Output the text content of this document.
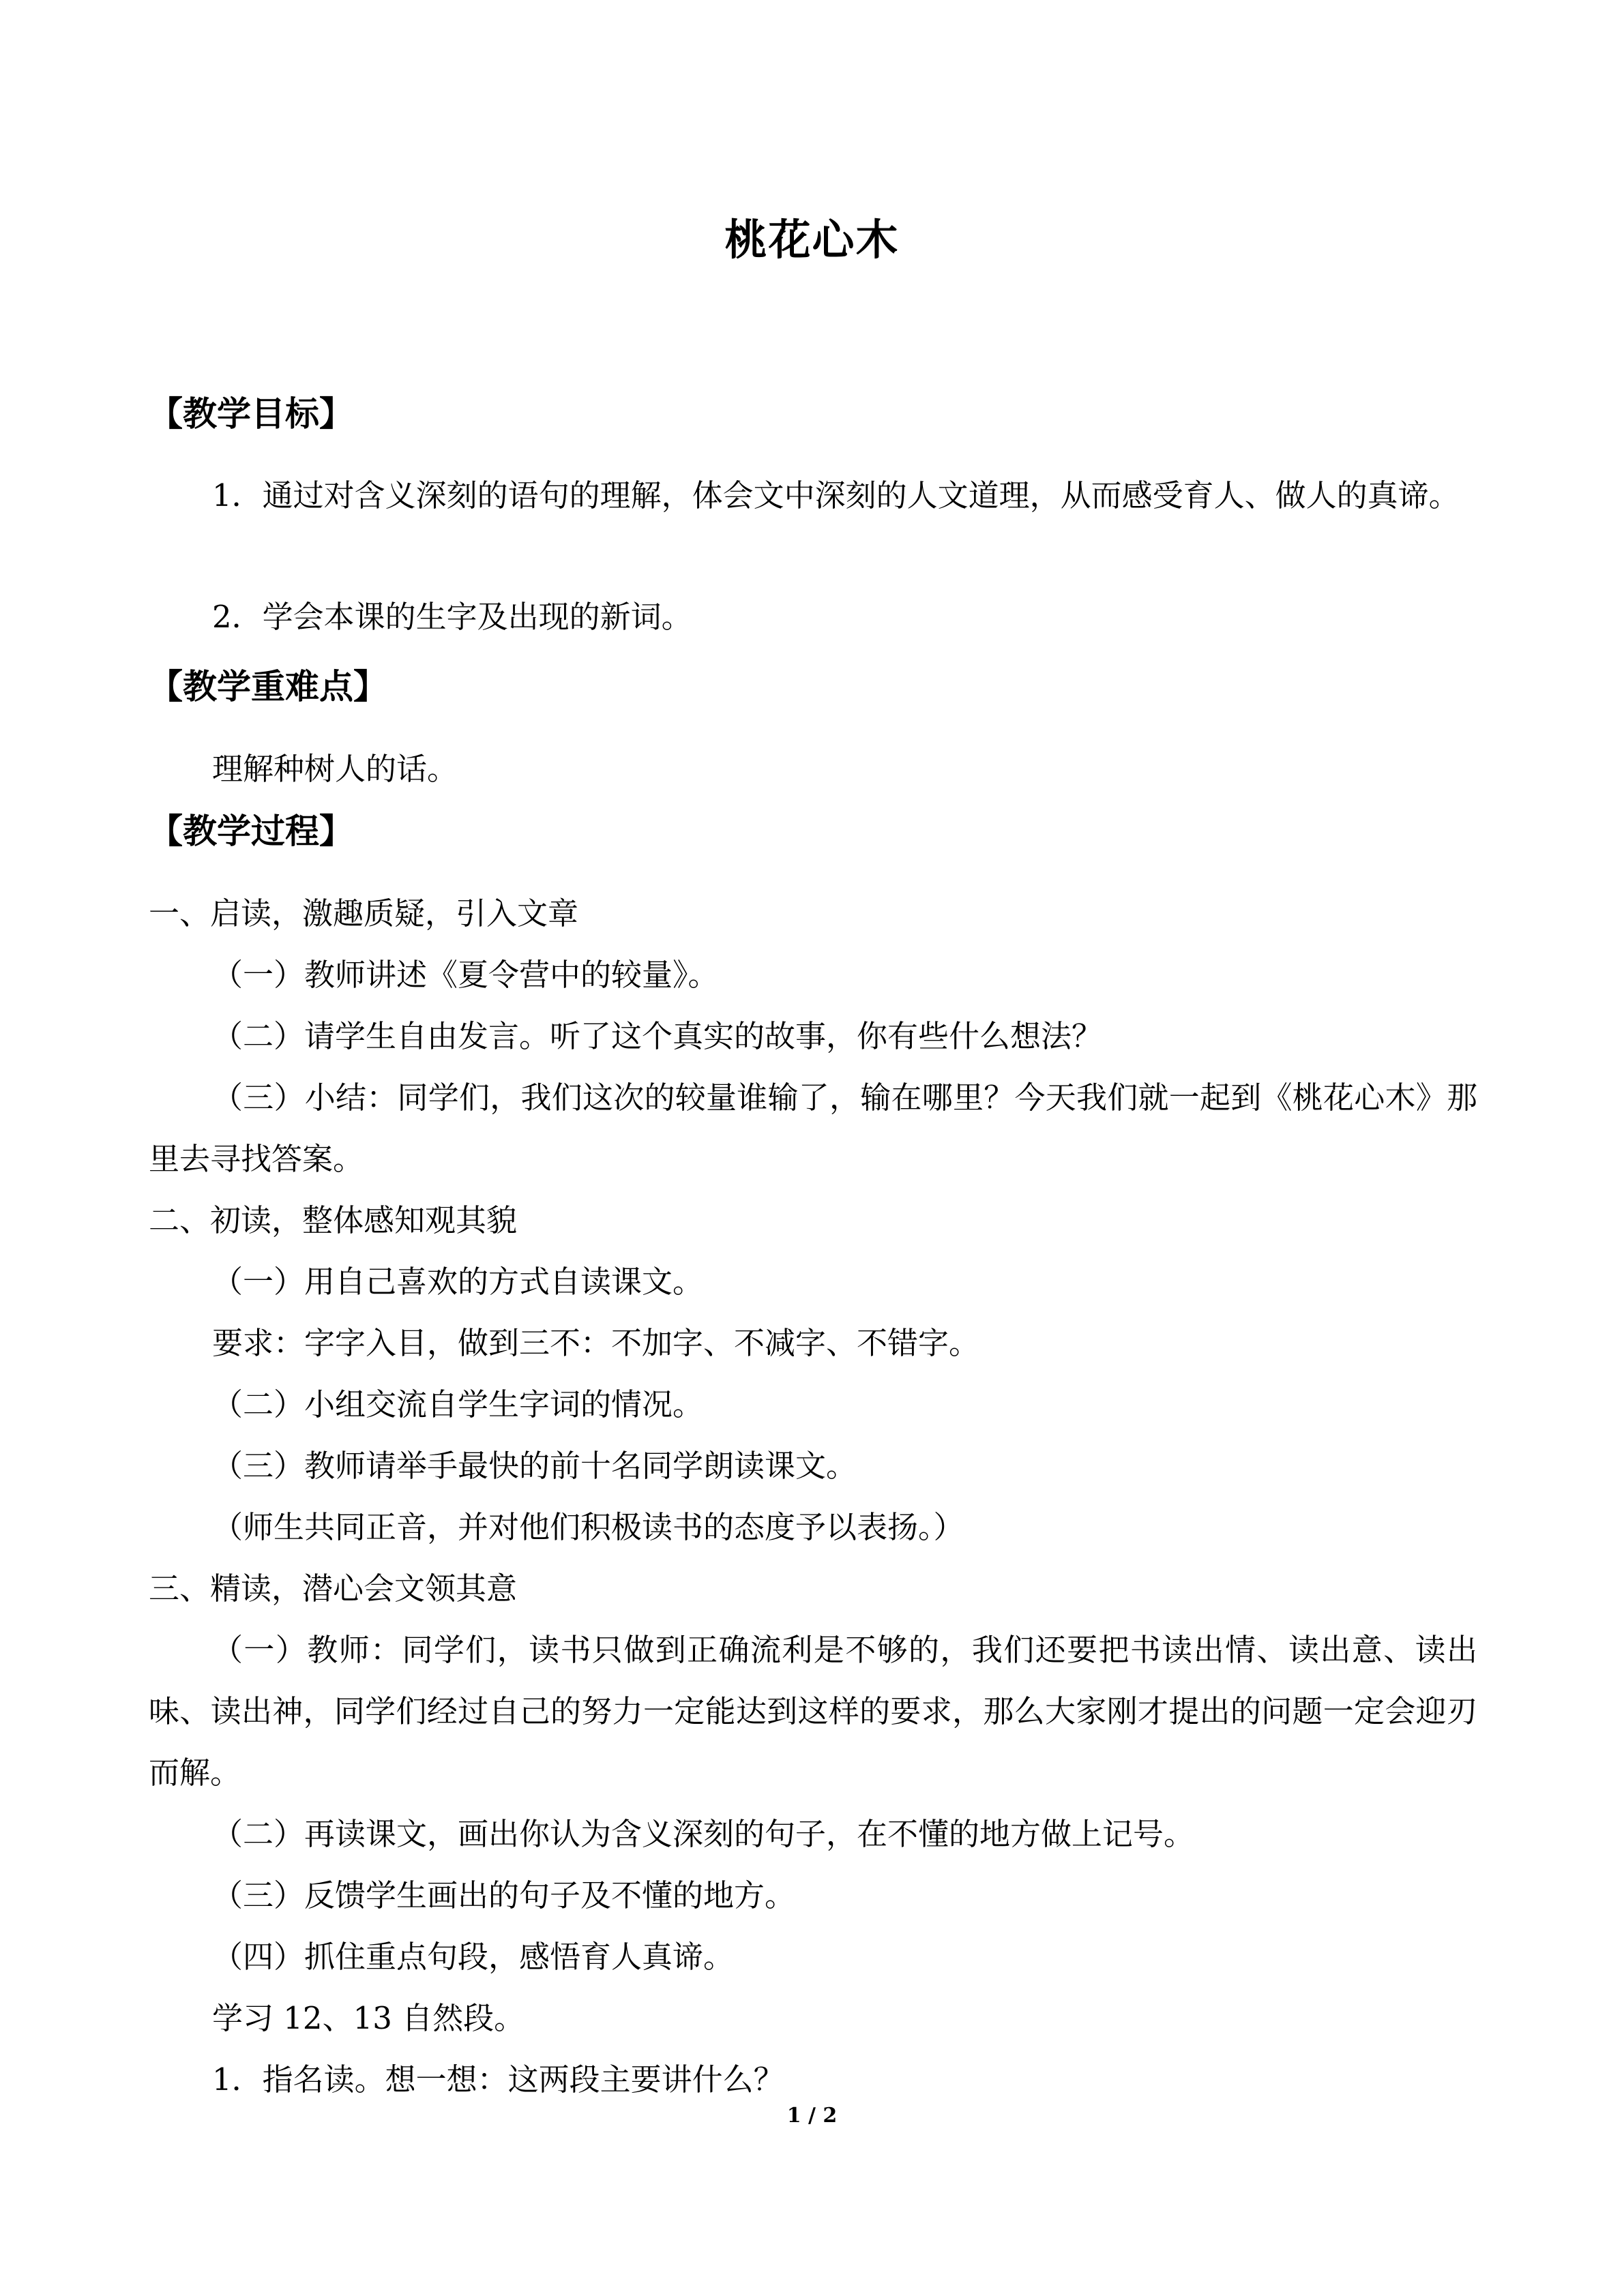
桃花心木
【教学目标】

1．通过对含义深刻的语句的理解，体会文中深刻的人文道理，从而感受育人、做人的真谛。

2．学会本课的生字及出现的新词。

【教学重难点】

理解种树人的话。

【教学过程】

一、启读，激趣质疑，引入文章

（一）教师讲述《夏令营中的较量》。

（二）请学生自由发言。听了这个真实的故事，你有些什么想法？

（三）小结：同学们，我们这次的较量谁输了，输在哪里？今天我们就一起到《桃花心木》那里去寻找答案。

二、初读，整体感知观其貌

（一）用自己喜欢的方式自读课文。

要求：字字入目，做到三不：不加字、不减字、不错字。

（二）小组交流自学生字词的情况。

（三）教师请举手最快的前十名同学朗读课文。

（师生共同正音，并对他们积极读书的态度予以表扬。）

三、精读，潜心会文领其意

（一）教师：同学们，读书只做到正确流利是不够的，我们还要把书读出情、读出意、读出味、读出神，同学们经过自己的努力一定能达到这样的要求，那么大家刚才提出的问题一定会迎刃而解。

（二）再读课文，画出你认为含义深刻的句子，在不懂的地方做上记号。

（三）反馈学生画出的句子及不懂的地方。

（四）抓住重点句段，感悟育人真谛。

学习 12、13 自然段。

1．指名读。想一想：这两段主要讲什么？

1 / 2
